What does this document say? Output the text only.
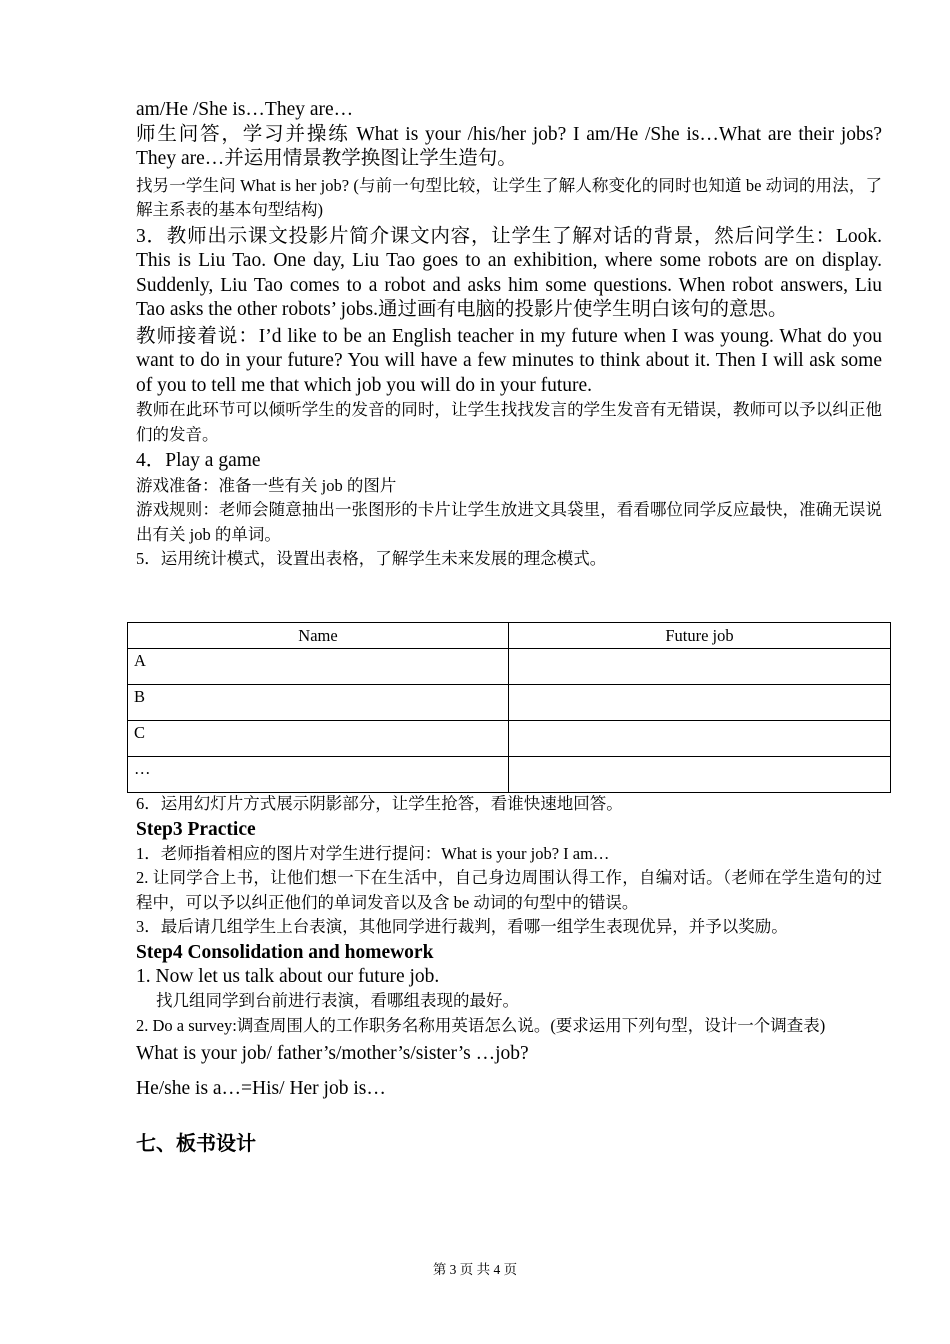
am/He /She is…They are…

师生问答，学习并操练 What is your /his/her job? I am/He /She is…What are their jobs? They are…并运用情景教学换图让学生造句。

找另一学生问 What is her job? (与前一句型比较，让学生了解人称变化的同时也知道 be 动词的用法，了解主系表的基本句型结构)

3．教师出示课文投影片简介课文内容，让学生了解对话的背景，然后问学生：Look. This is Liu Tao. One day, Liu Tao goes to an exhibition, where some robots are on display. Suddenly, Liu Tao comes to a robot and asks him some questions. When robot answers, Liu Tao asks the other robots’ jobs.通过画有电脑的投影片使学生明白该句的意思。

教师接着说：I’d like to be an English teacher in my future when I was young. What do you want to do in your future? You will have a few minutes to think about it. Then I will ask some of you to tell me that which job you will do in your future.

教师在此环节可以倾听学生的发音的同时，让学生找找发言的学生发音有无错误，教师可以予以纠正他们的发音。

4．Play a game

游戏准备：准备一些有关 job 的图片

游戏规则：老师会随意抽出一张图形的卡片让学生放进文具袋里，看看哪位同学反应最快，准确无误说出有关 job 的单词。

5．运用统计模式，设置出表格，了解学生未来发展的理念模式。

Name	Future job
A	
B	
C	
…	

6．运用幻灯片方式展示阴影部分，让学生抢答，看谁快速地回答。

Step3 Practice

1．老师指着相应的图片对学生进行提问：What is your job? I am…

2. 让同学合上书，让他们想一下在生活中，自己身边周围认得工作，自编对话。（老师在学生造句的过程中，可以予以纠正他们的单词发音以及含 be 动词的句型中的错误。

3．最后请几组学生上台表演，其他同学进行裁判，看哪一组学生表现优异，并予以奖励。

Step4 Consolidation and homework

1. Now let us talk about our future job.

找几组同学到台前进行表演，看哪组表现的最好。

2. Do a survey:调查周围人的工作职务名称用英语怎么说。(要求运用下列句型，设计一个调查表)

What is your job/ father’s/mother’s/sister’s …job?

He/she is a…=His/ Her job is…

七、板书设计

第 3 页 共 4 页
